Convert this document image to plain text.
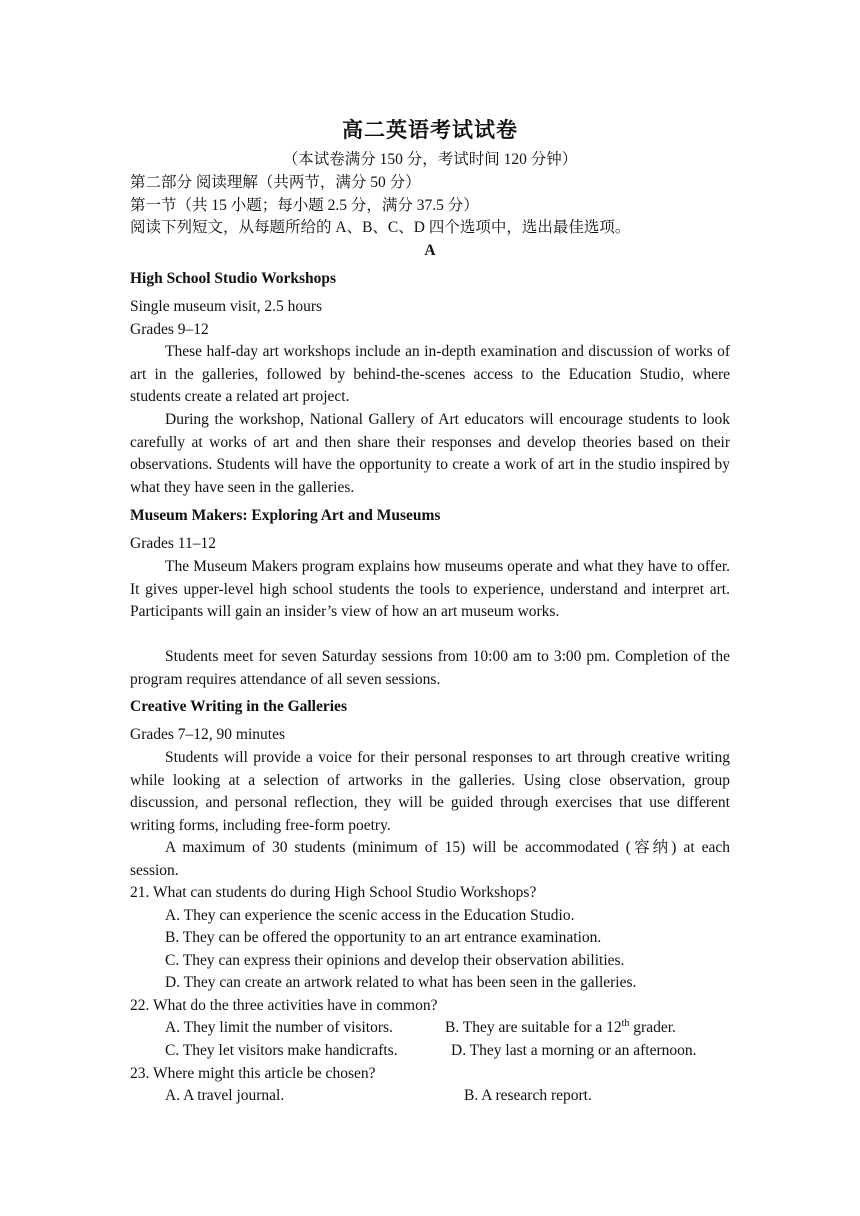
高二英语考试试卷
（本试卷满分 150 分，考试时间 120 分钟）
第二部分 阅读理解（共两节，满分 50 分）
第一节（共 15 小题；每小题 2.5 分，满分 37.5 分）
阅读下列短文，从每题所给的 A、B、C、D 四个选项中，选出最佳选项。
A
High School Studio Workshops
Single museum visit, 2.5 hours
Grades 9–12
These half-day art workshops include an in-depth examination and discussion of works of art in the galleries, followed by behind-the-scenes access to the Education Studio, where students create a related art project.
During the workshop, National Gallery of Art educators will encourage students to look carefully at works of art and then share their responses and develop theories based on their observations. Students will have the opportunity to create a work of art in the studio inspired by what they have seen in the galleries.
Museum Makers: Exploring Art and Museums
Grades 11–12
The Museum Makers program explains how museums operate and what they have to offer. It gives upper-level high school students the tools to experience, understand and interpret art. Participants will gain an insider’s view of how an art museum works.
Students meet for seven Saturday sessions from 10:00 am to 3:00 pm. Completion of the program requires attendance of all seven sessions.
Creative Writing in the Galleries
Grades 7–12, 90 minutes
Students will provide a voice for their personal responses to art through creative writing while looking at a selection of artworks in the galleries. Using close observation, group discussion, and personal reflection, they will be guided through exercises that use different writing forms, including free-form poetry.
A maximum of 30 students (minimum of 15) will be accommodated (容纳) at each session.
21. What can students do during High School Studio Workshops?
A. They can experience the scenic access in the Education Studio.
B. They can be offered the opportunity to an art entrance examination.
C. They can express their opinions and develop their observation abilities.
D. They can create an artwork related to what has been seen in the galleries.
22. What do the three activities have in common?
A. They limit the number of visitors.	B. They are suitable for a 12th grader.
C. They let visitors make handicrafts.	D. They last a morning or an afternoon.
23. Where might this article be chosen?
A. A travel journal.	B. A research report.
